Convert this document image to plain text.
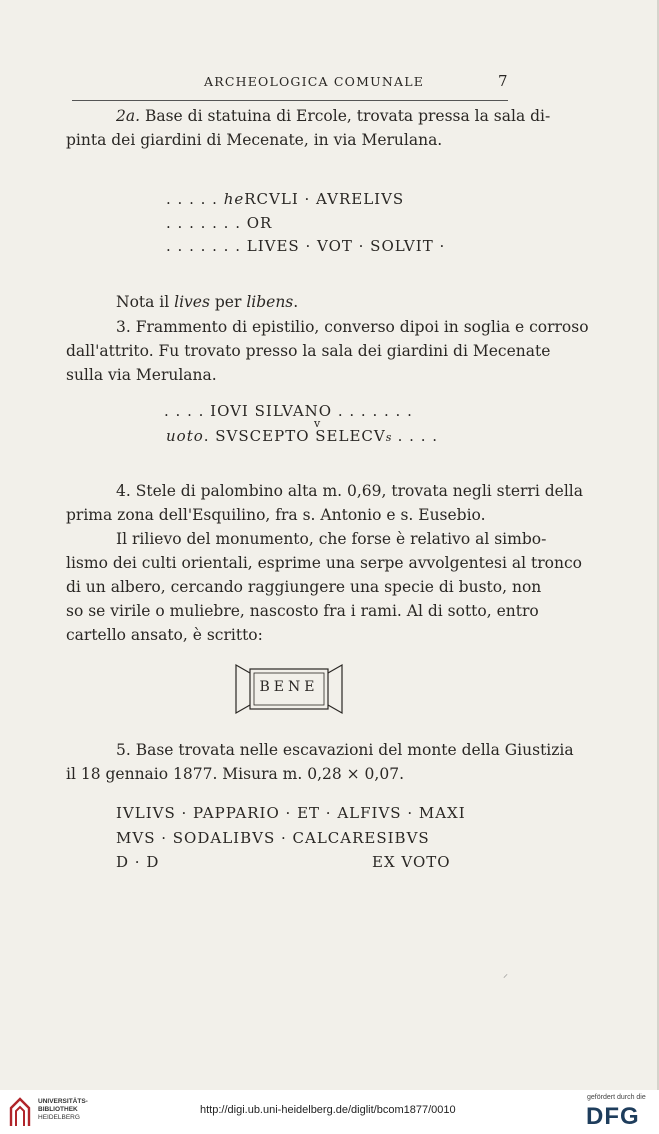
ARCHEOLOGICA COMUNALE	7
2a. Base di statuina di Ercole, trovata pressa la sala di-
pinta dei giardini di Mecenate, in via Merulana.
. . . . . heRCVLI · AVRELIVS
. . . . . . . OR
. . . . . . . LIVES · VOT · SOLVIT ·
Nota il lives per libens.
3. Frammento di epistilio, converso dipoi in soglia e corroso
dall'attrito. Fu trovato presso la sala dei giardini di Mecenate
sulla via Merulana.
. . . . IOVI SILVANO . . . . . . .
v
uoto. SVSCEPTO SELECVs . . . .
4. Stele di palombino alta m. 0,69, trovata negli sterri della
prima zona dell'Esquilino, fra s. Antonio e s. Eusebio.
Il rilievo del monumento, che forse è relativo al simbo-
lismo dei culti orientali, esprime una serpe avvolgentesi al tronco
di un albero, cercando raggiungere una specie di busto, non
so se virile o muliebre, nascosto fra i rami. Al di sotto, entro
cartello ansato, è scritto:
BENE
5. Base trovata nelle escavazioni del monte della Giustizia
il 18 gennaio 1877. Misura m. 0,28 × 0,07.
IVLIVS · PAPPARIO · ET · ALFIVS · MAXI
MVS · SODALIBVS · CALCARESIBVS
D · D	EX VOTO
⸝
UNIVERSITÄTS-
BIBLIOTHEK
HEIDELBERG
http://digi.ub.uni-heidelberg.de/diglit/bcom1877/0010
gefördert durch die
DFG
